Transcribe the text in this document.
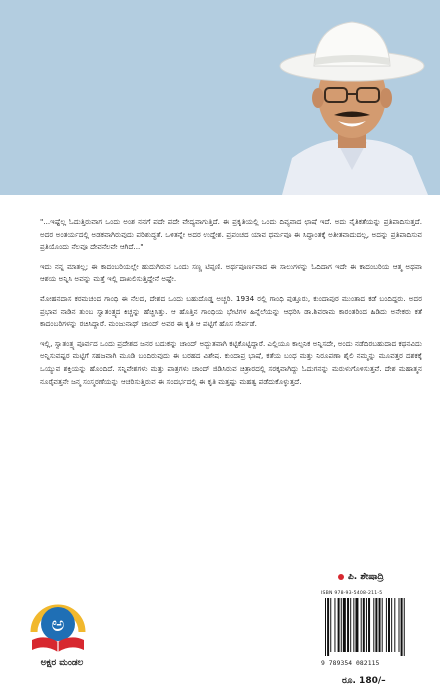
"...ಇಷ್ಟೆಲ್ಲ ಓದುತ್ತಿರುವಾಗ ಒಂದು ಅಂಶ ನನಗೆ ಪದೇ ಪದೇ ವೇದ್ಯವಾಗುತ್ತಿದೆ. ಈ ಪ್ರಕೃತಿಯಲ್ಲಿ ಒಂದು ದಿವ್ಯವಾದ ಛಾಷೆ ಇದೆ. ಅದು ನೈತಿಕತೆಯನ್ನು ಪ್ರತಿಪಾದಿಸುತ್ತದೆ. ಅದರ ಅಂತರ್ಯದಲ್ಲಿ ಅಡಕವಾಗಿರುವುದು ಪರಿಶುದ್ಧತೆ. ಒಳಿತನ್ನೇ ಅದರ ಉದ್ದೇಶ. ಪ್ರಪಂಚದ ಯಾವ ಧರ್ಮವೂ ಈ ಸಿದ್ಧಾಂತಕ್ಕೆ ಅತೀತವಾದುದಲ್ಲ, ಅದನ್ನು ಪ್ರತಿಪಾದಿಸುವ ಪ್ರತಿಯೊಂದು ನೆಲವೂ ದೇವನೆಲವೇ ಆಗಿದೆ..."

ಇದು ನನ್ನ ಮಾತಲ್ಲ; ಈ ಕಾದಂಬರಿಯಲ್ಲೇ ಹುದುಗಿರುವ ಒಂದು ಸಣ್ಣ ಟಿಪ್ಪಣಿ. ಅರ್ಥಪೂರ್ಣವಾದ ಈ ಸಾಲುಗಳನ್ನು ಓದಿದಾಗ ಇದೇ ಈ ಕಾದಂಬರಿಯ ಆತ್ಮ ಅಥವಾ ಆಶಯ ಅನ್ನಿಸಿ ಅವನ್ನು ಮತ್ತೆ ಇಲ್ಲಿ ದಾಖಲಿಸುತ್ತಿದ್ದೇನೆ ಅಷ್ಟೇ.

ಮೋಹನದಾಸ ಕರಮಚಂದ ಗಾಂಧಿ ಈ ನೆಲದ, ದೇಶದ ಒಂದು ಬಹುದೊಡ್ಡ ಅಚ್ಚರಿ. 1934 ರಲ್ಲಿ ಗಾಂಧಿ ಪುತ್ತೂರು, ಕುಂದಾಪುರ ಮುಂತಾದ ಕಡೆ ಬಂದಿದ್ದರು. ಅದರ ಪ್ರಭಾವ ನಾಡಿನ ತುಂಬ ಸ್ವಾತಂತ್ರ್ಯದ ಕಿಚ್ಚನ್ನು ಹೆಚ್ಚಿಸಿತ್ತು. ಆ ಹೊತ್ತಿನ ಗಾಂಧಿಯ ಭೇಟಿಗಳ ಹಿನ್ನೆಲೆಯನ್ನು ಆಧರಿಸಿ ಡಾ.ಶಿವರಾಮ ಕಾರಂತರಿಂದ ಹಿಡಿದು ಅನೇಕರು ಕತೆ ಕಾದಂಬರಿಗಳನ್ನು ರಚಿಸಿದ್ದಾರೆ. ಮಂಜುನಾಥ್ ಚಾಂದ್ ಅವರ ಈ ಕೃತಿ ಆ ಪಟ್ಟಿಗೆ ಹೊಸ ಸೇರ್ಪಡೆ.

ಇಲ್ಲಿ, ಸ್ವಾತಂತ್ರ್ಯ ಪೂರ್ವದ ಒಂದು ಪ್ರದೇಶದ ಜನರ ಬದುಕನ್ನು ಚಾಂದ್ ಅದ್ಭುತವಾಗಿ ಕಟ್ಟಿಕೊಟ್ಟಿದ್ದಾರೆ. ಎಲ್ಲಿಯೂ ಕಾಲ್ಪನಿಕ ಅನ್ನಿಸದೇ, ಅಂದು ನಡೆದಿರಬಹುದಾದ ಕಥನವಿದು ಅನ್ನಿಸುವಷ್ಟರ ಮಟ್ಟಿಗೆ ಸಹಜವಾಗಿ ಮೂಡಿ ಬಂದಿರುವುದು ಈ ಬರಹದ ವಿಶೇಷ. ಕುಂದಾಪ್ರ ಭಾಷೆ, ಕತೆಯ ಬಂಧ ಮತ್ತು ನಿರೂಪಣಾ ಶೈಲಿ ನಮ್ಮನ್ನು ಮೂವತ್ತರ ದಶಕಕ್ಕೆ ಒಯ್ಯುವ ಶಕ್ತಿಯನ್ನು ಹೊಂದಿದೆ. ಸನ್ನಿವೇಶಗಳು ಮತ್ತು ಪಾತ್ರಗಳು ಚಾಂದ್ ಜಿಡಿಸಿರುವ ಚಿತ್ರಾರದಲ್ಲಿ ಸರಕ್ಕವಾಗಿದ್ದು ಓದುಗನನ್ನು ಮರುಳುಗೊಳಿಸುತ್ತವೆ. ದೇಶ ಮಹಾತ್ಮನ ನೂರೈವತ್ತನೇ ಜನ್ಮ ಸಂಸ್ಮರಣೆಯನ್ನು ಆಚರಿಸುತ್ತಿರುವ ಈ ಸಂದರ್ಭದಲ್ಲಿ ಈ ಕೃತಿ ಮತ್ತಷ್ಟು ಮಹತ್ವ ಪಡೆದುಕೊಳ್ಳುತ್ತದೆ.

ಪಿ. ಶೇಷಾದ್ರಿ
ಅ
ಅಕ್ಷರ ಮಂಡಲ
ISBN 978-93-5408-211-5
9 789354 082115
ರೂ. 180/–
